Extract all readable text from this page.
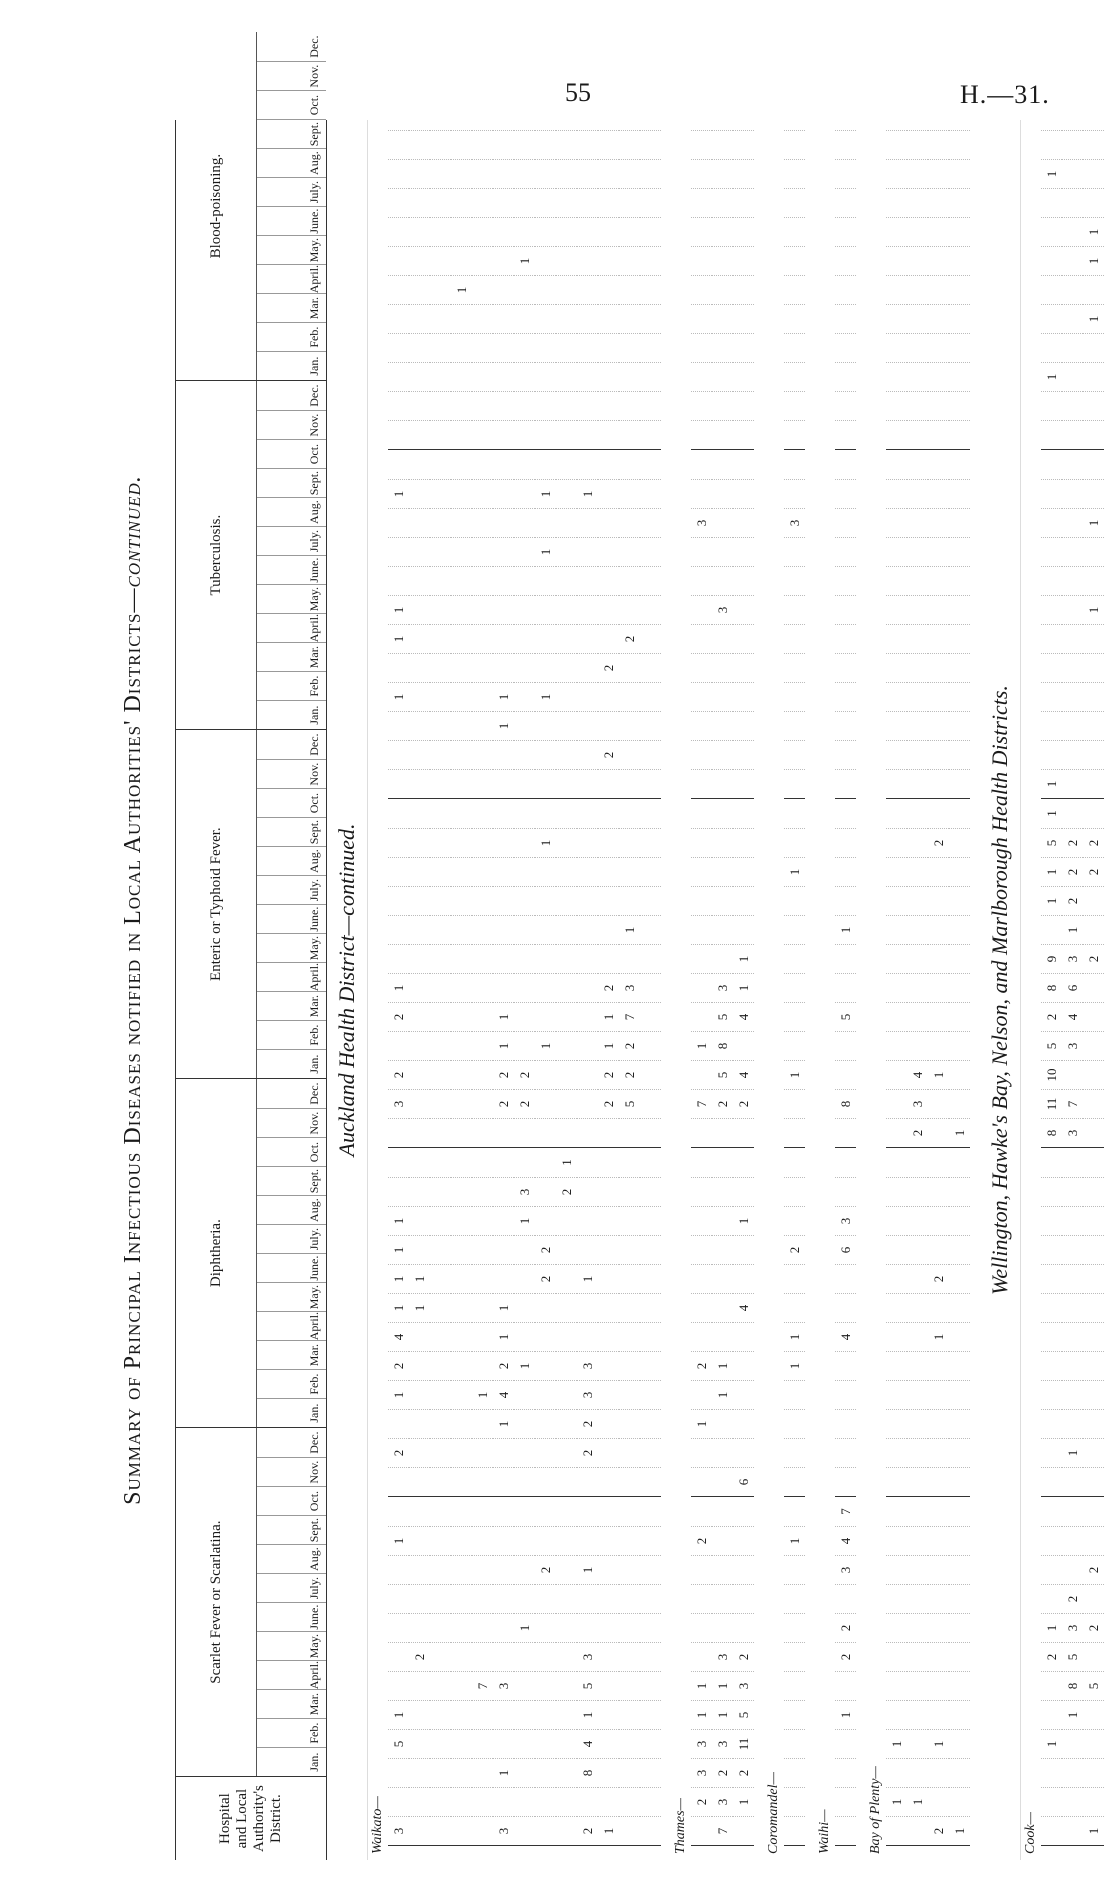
55	H.—31.
Summary of Principal Infectious Diseases notified in Local Authorities' Districts—continued.
Hospital and Local Authority's District.
Scarlet Fever or Scarlatina.
Jan.
Feb.
Mar.
April.
May.
June.
July.
Aug.
Sept.
Oct.
Nov.
Dec.
Diphtheria.
Jan.
Feb.
Mar.
April.
May.
June.
July.
Aug.
Sept.
Oct.
Nov.
Dec.
Enteric or Typhoid Fever.
Jan.
Feb.
Mar.
April.
May.
June.
July.
Aug.
Sept.
Oct.
Nov.
Dec.
Tuberculosis.
Jan.
Feb.
Mar.
April.
May.
June.
July.
Aug.
Sept.
Oct.
Nov.
Dec.
Blood-poisoning.
Jan.
Feb.
Mar.
April.
May.
June.
July.
Aug.
Sept.
Oct.
Nov.
Dec.
Auckland Health District—continued.
Waikato— 3
5
1
1
2
1
2
4
1
1
1
1
3
2
2
1
1
1
1
1
2
1
1
1
7
1
3
1
3
1
4
2
1
1
2
2
1
1
1
1
1
1
1
3
2
2
1
2
2
2
1
1
1
1
1
2
1
2
8
4
1
5
3
1
2
2
3
3
1
1
1
2
2
1
1
2
2
2
5
2
2
7
3
1
2
Thames— 2
3
3
1
1
2
1
2
7
1
3
7
3
2
3
1
1
3
1
1
2
5
8
5
3
3
1
2
11
5
3
2
6
4
1
2
4
4
1
1
Coromandel—
1
1
1
2
1
1
3
Waihi—
1
2
2
3
4
7
4
6
3
8
5
1
Bay of Plenty— 1
1
1
2
3
4
2
1
1
2
1
2
1
1 Wellington, Hawke's Bay, Nelson, and Marlborough Health Districts.
Cook—
1
2
1
8
11
10
5
2
8
9
1
1
5
1
1
1
1
1
8
5
3
2
1
3
7
3
4
6
3
1
2
2
2
1
5
2
2
2
2
2
1
1
1
1
1
